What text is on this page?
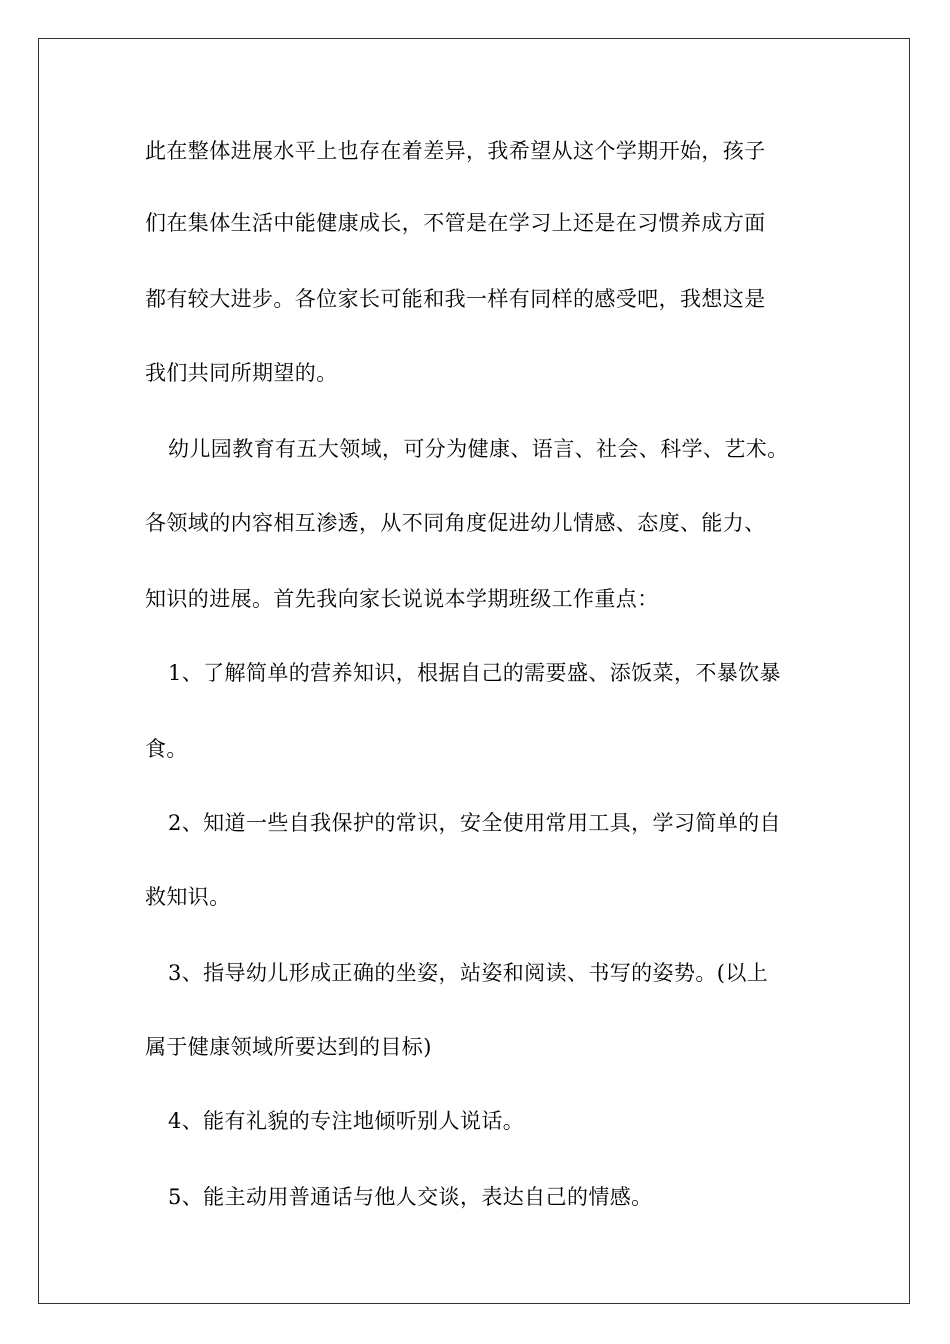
此在整体进展水平上也存在着差异，我希望从这个学期开始，孩子
们在集体生活中能健康成长，不管是在学习上还是在习惯养成方面
都有较大进步。各位家长可能和我一样有同样的感受吧，我想这是
我们共同所期望的。
幼儿园教育有五大领域，可分为健康、语言、社会、科学、艺术。
各领域的内容相互渗透，从不同角度促进幼儿情感、态度、能力、
知识的进展。首先我向家长说说本学期班级工作重点：
1、了解简单的营养知识，根据自己的需要盛、添饭菜，不暴饮暴
食。
2、知道一些自我保护的常识，安全使用常用工具，学习简单的自
救知识。
3、指导幼儿形成正确的坐姿，站姿和阅读、书写的姿势。(以上
属于健康领域所要达到的目标)
4、能有礼貌的专注地倾听别人说话。
5、能主动用普通话与他人交谈，表达自己的情感。
